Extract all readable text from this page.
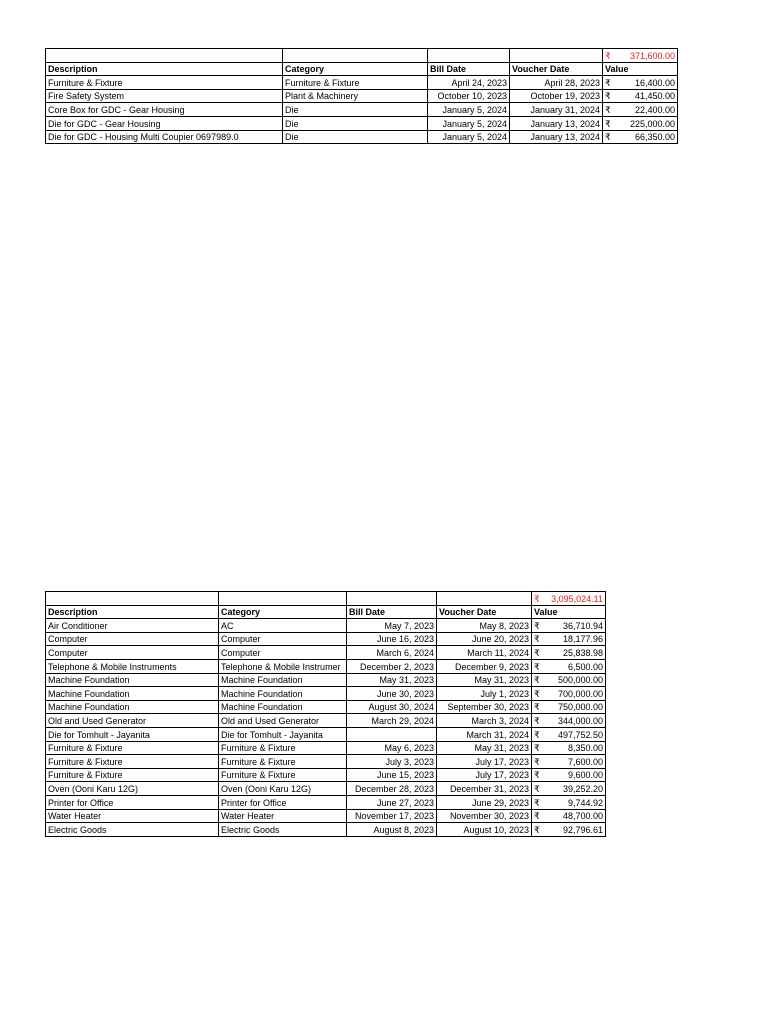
				₹ 371,600.00

Description	Category	Bill Date	Voucher Date	Value
Furniture & Fixture	Furniture & Fixture	April 24, 2023	April 28, 2023	₹ 16,400.00

Fire Safety System	Plant & Machinery	October 10, 2023	October 19, 2023	₹ 41,450.00

Core Box for GDC - Gear Housing	Die	January 5, 2024	January 31, 2024	₹ 22,400.00

Die for GDC - Gear Housing	Die	January 5, 2024	January 13, 2024	₹ 225,000.00

Die for GDC - Housing Multi Coupier 0697989.0	Die	January 5, 2024	January 13, 2024	₹ 66,350.00

				₹ 3,095,024.11

Description	Category	Bill Date	Voucher Date	Value
Air Conditioner	AC	May 7, 2023	May 8, 2023	₹ 36,710.94

Computer	Computer	June 16, 2023	June 20, 2023	₹ 18,177.96

Computer	Computer	March 6, 2024	March 11, 2024	₹ 25,838.98

Telephone & Mobile Instruments	Telephone & Mobile Instrumer	December 2, 2023	December 9, 2023	₹ 6,500.00

Machine Foundation	Machine Foundation	May 31, 2023	May 31, 2023	₹ 500,000.00

Machine Foundation	Machine Foundation	June 30, 2023	July 1, 2023	₹ 700,000.00

Machine Foundation	Machine Foundation	August 30, 2024	September 30, 2023	₹ 750,000.00

Old and Used Generator	Old and Used Generator	March 29, 2024	March 3, 2024	₹ 344,000.00

Die for Tomhult - Jayanita	Die for Tomhult - Jayanita		March 31, 2024	₹ 497,752.50

Furniture & Fixture	Furniture & Fixture	May 6, 2023	May 31, 2023	₹ 8,350.00

Furniture & Fixture	Furniture & Fixture	July 3, 2023	July 17, 2023	₹ 7,600.00

Furniture & Fixture	Furniture & Fixture	June 15, 2023	July 17, 2023	₹ 9,600.00

Oven (Ooni Karu 12G)	Oven (Ooni Karu 12G)	December 28, 2023	December 31, 2023	₹ 39,252.20

Printer for Office	Printer for Office	June 27, 2023	June 29, 2023	₹ 9,744.92

Water Heater	Water Heater	November 17, 2023	November 30, 2023	₹ 48,700.00

Electric Goods	Electric Goods	August 8, 2023	August 10, 2023	₹ 92,796.61
